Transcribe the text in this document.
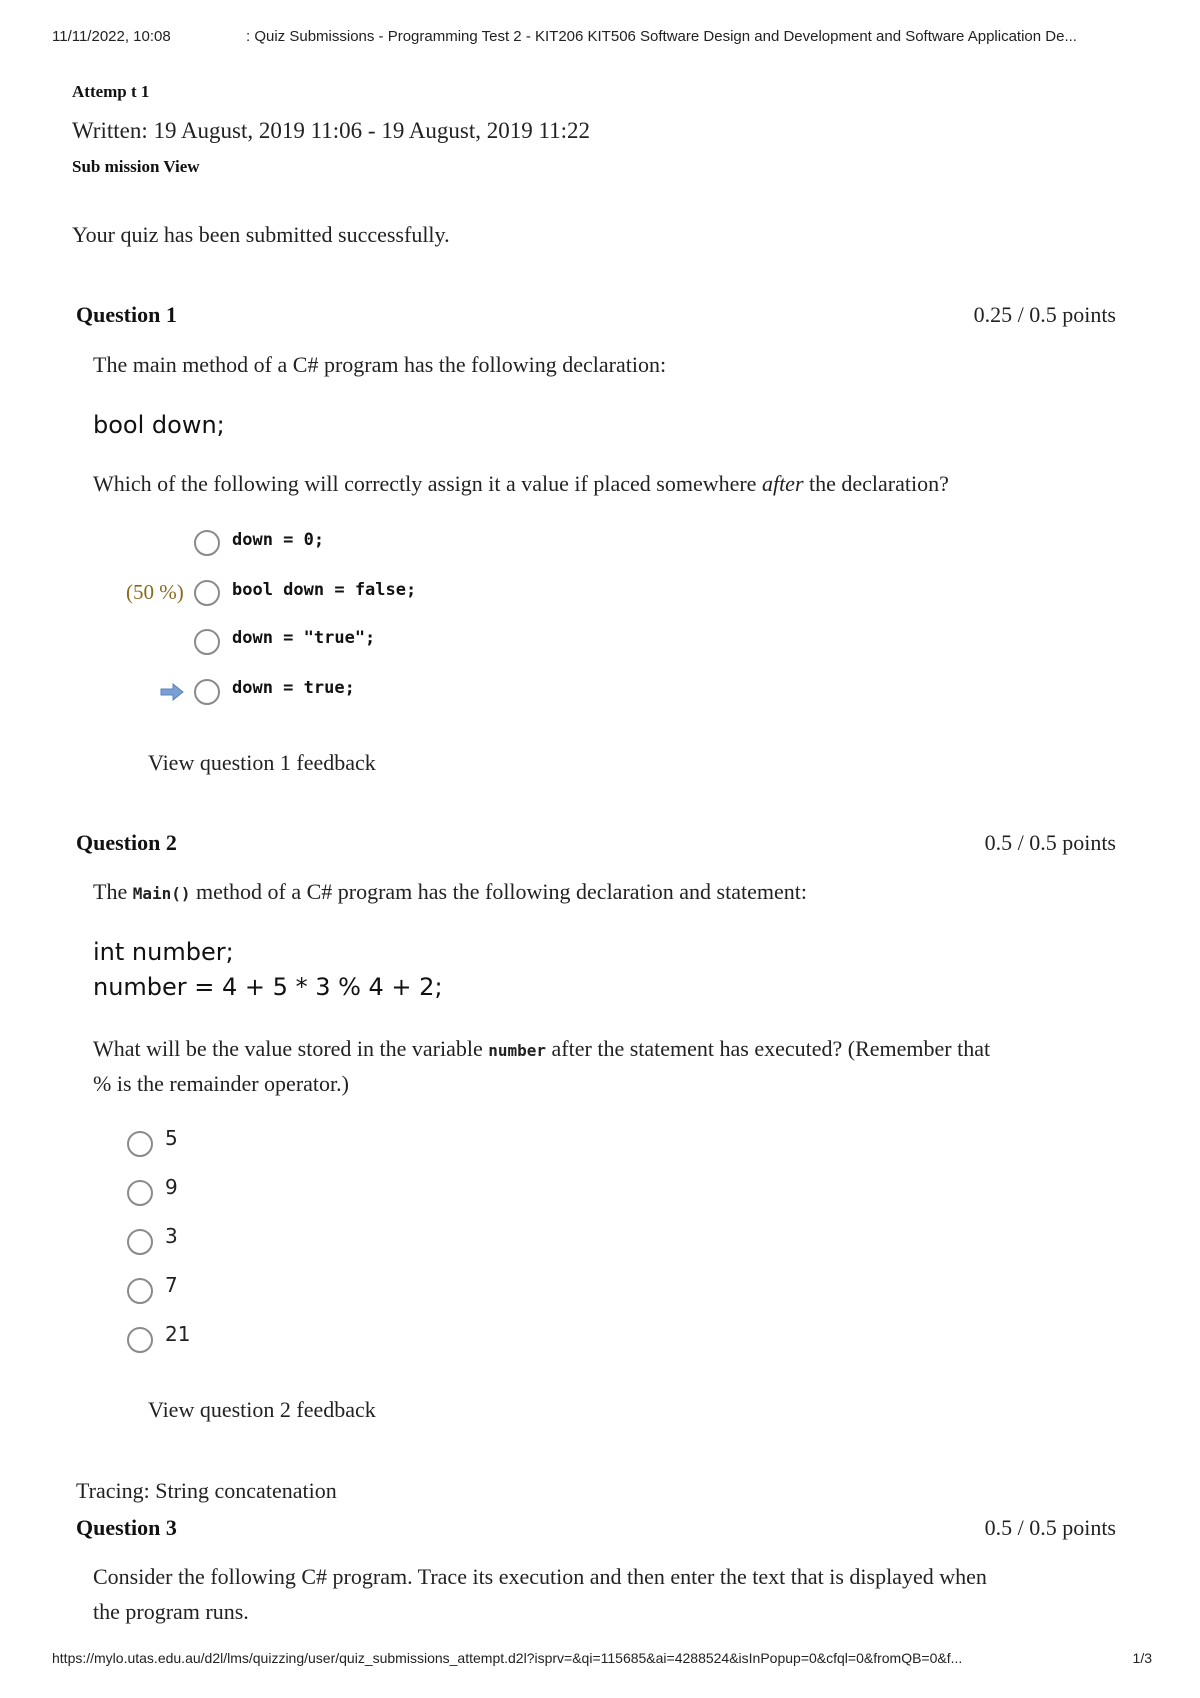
11/11/2022, 10:08	: Quiz Submissions - Programming Test 2 - KIT206 KIT506 Software Design and Development and Software Application De...
Attemp t 1
Written: 19 August, 2019 11:06 - 19 August, 2019 11:22
Sub mission View
Your quiz has been submitted successfully.
Question 1	0.25 / 0.5 points
The main method of a C# program has the following declaration:
bool down;
Which of the following will correctly assign it a value if placed somewhere after the declaration?
down = 0;
(50 %)	bool down = false;
down = "true";
down = true;
View question 1 feedback
Question 2	0.5 / 0.5 points
The Main() method of a C# program has the following declaration and statement:
int number;
number = 4 + 5 * 3 % 4 + 2;
What will be the value stored in the variable number after the statement has executed? (Remember that
% is the remainder operator.)
5
9
3
7
21
View question 2 feedback
Tracing: String concatenation
Question 3	0.5 / 0.5 points
Consider the following C# program. Trace its execution and then enter the text that is displayed when
the program runs.
https://mylo.utas.edu.au/d2l/lms/quizzing/user/quiz_submissions_attempt.d2l?isprv=&qi=115685&ai=4288524&isInPopup=0&cfql=0&fromQB=0&f...	1/3
